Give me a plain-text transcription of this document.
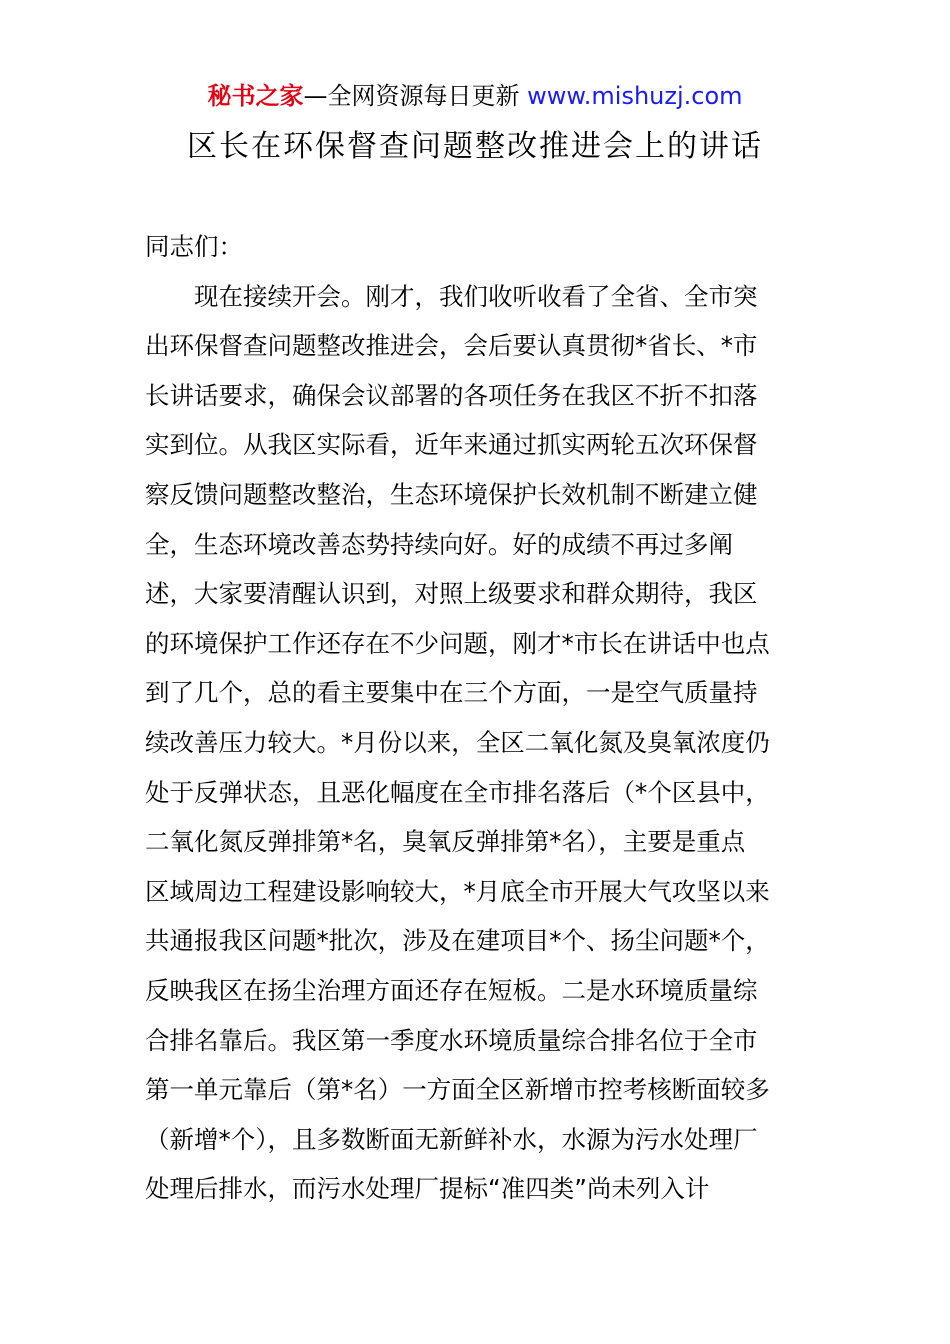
秘书之家—全网资源每日更新 www.mishuzj.com
区长在环保督查问题整改推进会上的讲话
同志们：
现在接续开会。刚才，我们收听收看了全省、全市突
出环保督查问题整改推进会，会后要认真贯彻*省长、*市
长讲话要求，确保会议部署的各项任务在我区不折不扣落
实到位。从我区实际看，近年来通过抓实两轮五次环保督
察反馈问题整改整治，生态环境保护长效机制不断建立健
全，生态环境改善态势持续向好。好的成绩不再过多阐
述，大家要清醒认识到，对照上级要求和群众期待，我区
的环境保护工作还存在不少问题，刚才*市长在讲话中也点
到了几个，总的看主要集中在三个方面，一是空气质量持
续改善压力较大。*月份以来，全区二氧化氮及臭氧浓度仍
处于反弹状态，且恶化幅度在全市排名落后（*个区县中，
二氧化氮反弹排第*名，臭氧反弹排第*名），主要是重点
区域周边工程建设影响较大，*月底全市开展大气攻坚以来
共通报我区问题*批次，涉及在建项目*个、扬尘问题*个，
反映我区在扬尘治理方面还存在短板。二是水环境质量综
合排名靠后。我区第一季度水环境质量综合排名位于全市
第一单元靠后（第*名）一方面全区新增市控考核断面较多
（新增*个），且多数断面无新鲜补水，水源为污水处理厂
处理后排水，而污水处理厂提标“准四类”尚未列入计
